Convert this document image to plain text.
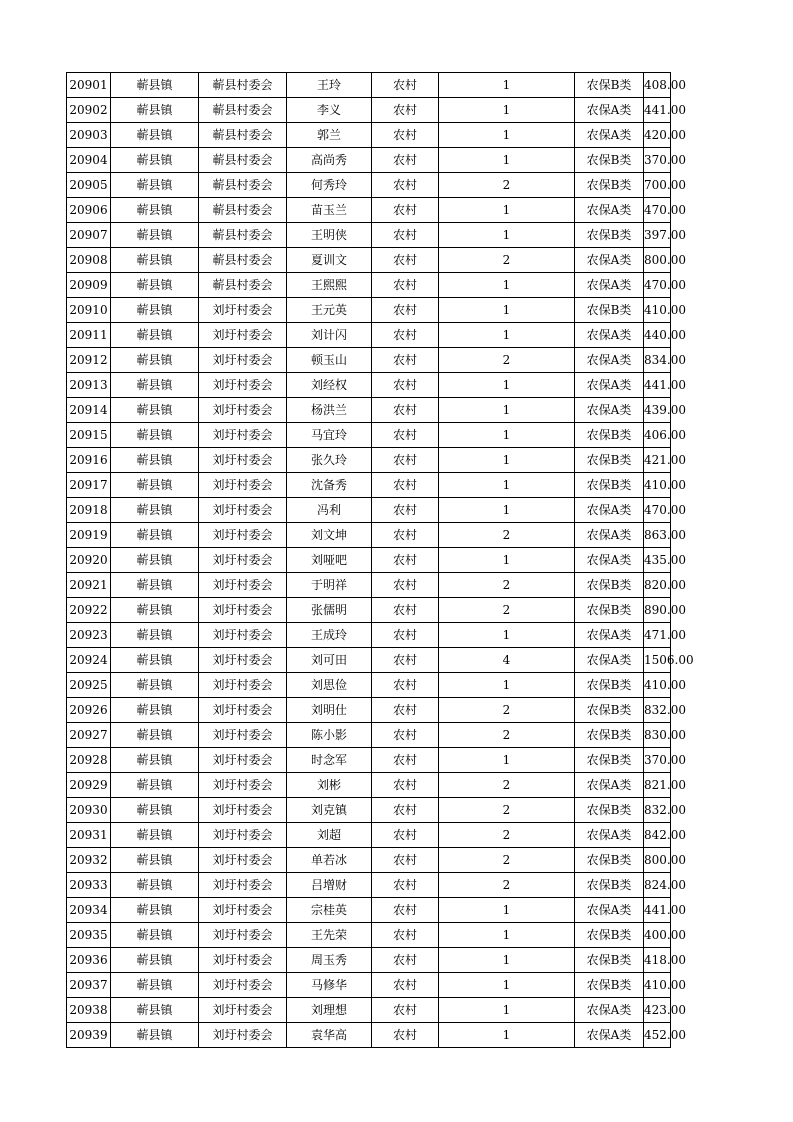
20901	蕲县镇	蕲县村委会	王玲	农村	1	农保B类	408.00
20902	蕲县镇	蕲县村委会	李义	农村	1	农保A类	441.00
20903	蕲县镇	蕲县村委会	郭兰	农村	1	农保A类	420.00
20904	蕲县镇	蕲县村委会	高尚秀	农村	1	农保B类	370.00
20905	蕲县镇	蕲县村委会	何秀玲	农村	2	农保B类	700.00
20906	蕲县镇	蕲县村委会	苗玉兰	农村	1	农保A类	470.00
20907	蕲县镇	蕲县村委会	王明侠	农村	1	农保B类	397.00
20908	蕲县镇	蕲县村委会	夏训文	农村	2	农保A类	800.00
20909	蕲县镇	蕲县村委会	王熙熙	农村	1	农保A类	470.00
20910	蕲县镇	刘圩村委会	王元英	农村	1	农保B类	410.00
20911	蕲县镇	刘圩村委会	刘计闪	农村	1	农保A类	440.00
20912	蕲县镇	刘圩村委会	顿玉山	农村	2	农保A类	834.00
20913	蕲县镇	刘圩村委会	刘经权	农村	1	农保A类	441.00
20914	蕲县镇	刘圩村委会	杨洪兰	农村	1	农保A类	439.00
20915	蕲县镇	刘圩村委会	马宜玲	农村	1	农保B类	406.00
20916	蕲县镇	刘圩村委会	张久玲	农村	1	农保B类	421.00
20917	蕲县镇	刘圩村委会	沈备秀	农村	1	农保B类	410.00
20918	蕲县镇	刘圩村委会	冯利	农村	1	农保A类	470.00
20919	蕲县镇	刘圩村委会	刘文坤	农村	2	农保A类	863.00
20920	蕲县镇	刘圩村委会	刘哑吧	农村	1	农保A类	435.00
20921	蕲县镇	刘圩村委会	于明祥	农村	2	农保B类	820.00
20922	蕲县镇	刘圩村委会	张儒明	农村	2	农保B类	890.00
20923	蕲县镇	刘圩村委会	王成玲	农村	1	农保A类	471.00
20924	蕲县镇	刘圩村委会	刘可田	农村	4	农保A类	1506.00
20925	蕲县镇	刘圩村委会	刘思俭	农村	1	农保B类	410.00
20926	蕲县镇	刘圩村委会	刘明仕	农村	2	农保B类	832.00
20927	蕲县镇	刘圩村委会	陈小影	农村	2	农保B类	830.00
20928	蕲县镇	刘圩村委会	时念军	农村	1	农保B类	370.00
20929	蕲县镇	刘圩村委会	刘彬	农村	2	农保A类	821.00
20930	蕲县镇	刘圩村委会	刘克镇	农村	2	农保B类	832.00
20931	蕲县镇	刘圩村委会	刘超	农村	2	农保A类	842.00
20932	蕲县镇	刘圩村委会	单若冰	农村	2	农保B类	800.00
20933	蕲县镇	刘圩村委会	吕增财	农村	2	农保B类	824.00
20934	蕲县镇	刘圩村委会	宗桂英	农村	1	农保A类	441.00
20935	蕲县镇	刘圩村委会	王先荣	农村	1	农保B类	400.00
20936	蕲县镇	刘圩村委会	周玉秀	农村	1	农保B类	418.00
20937	蕲县镇	刘圩村委会	马修华	农村	1	农保B类	410.00
20938	蕲县镇	刘圩村委会	刘理想	农村	1	农保A类	423.00
20939	蕲县镇	刘圩村委会	袁华高	农村	1	农保A类	452.00
